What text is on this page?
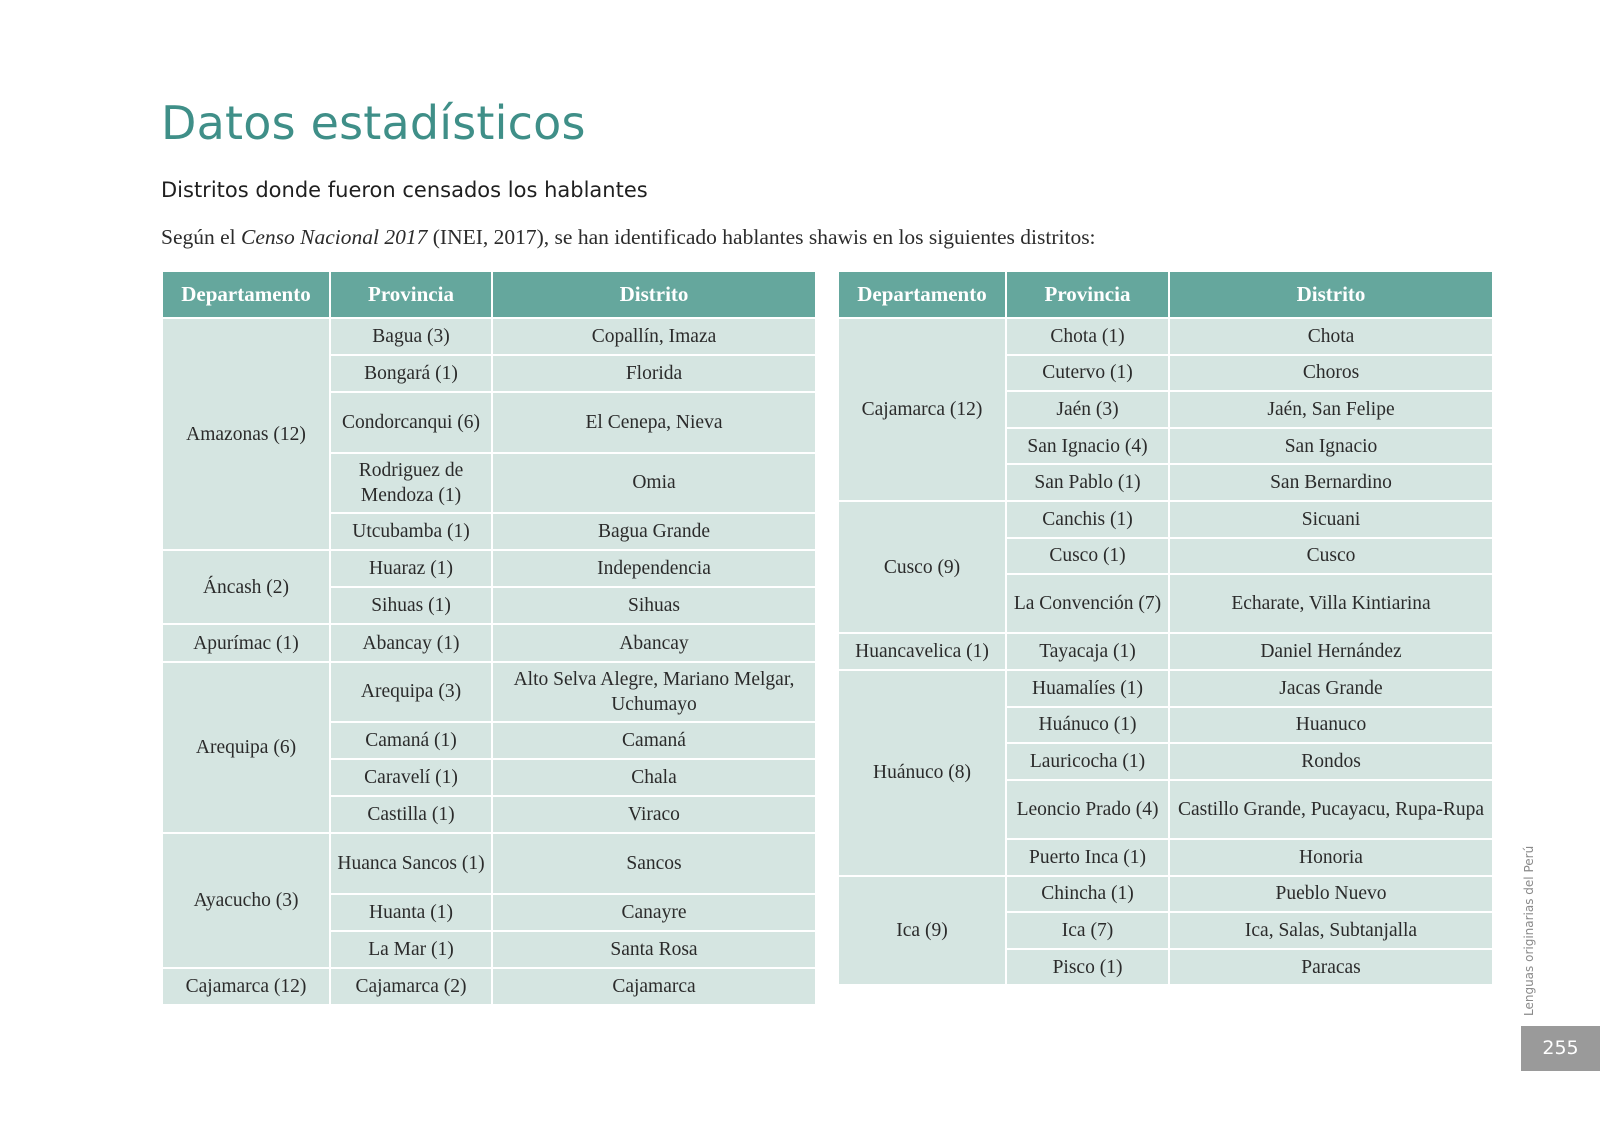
Datos estadísticos
Distritos donde fueron censados los hablantes

Según el Censo Nacional 2017 (INEI, 2017), se han identificado hablantes shawis en los siguientes distritos:

Departamento	Provincia	Distrito
Amazonas (12)	Bagua (3)	Copallín, Imaza
	Bongará (1)	Florida
	Condorcanqui (6)	El Cenepa, Nieva
	Rodriguez de Mendoza (1)	Omia
	Utcubamba (1)	Bagua Grande
Áncash (2)	Huaraz (1)	Independencia
	Sihuas (1)	Sihuas
Apurímac (1)	Abancay (1)	Abancay
Arequipa (6)	Arequipa (3)	Alto Selva Alegre, Mariano Melgar, Uchumayo
	Camaná (1)	Camaná
	Caravelí (1)	Chala
	Castilla (1)	Viraco
Ayacucho (3)	Huanca Sancos (1)	Sancos
	Huanta (1)	Canayre
	La Mar (1)	Santa Rosa
Cajamarca (12)	Cajamarca (2)	Cajamarca
Departamento	Provincia	Distrito
Cajamarca (12)	Chota (1)	Chota
	Cutervo (1)	Choros
	Jaén (3)	Jaén, San Felipe
	San Ignacio (4)	San Ignacio
	San Pablo (1)	San Bernardino
Cusco (9)	Canchis (1)	Sicuani
	Cusco (1)	Cusco
	La Convención (7)	Echarate, Villa Kintiarina
Huancavelica (1)	Tayacaja (1)	Daniel Hernández
Huánuco (8)	Huamalíes (1)	Jacas Grande
	Huánuco (1)	Huanuco
	Lauricocha (1)	Rondos
	Leoncio Prado (4)	Castillo Grande, Pucayacu, Rupa-Rupa
	Puerto Inca (1)	Honoria
Ica (9)	Chincha (1)	Pueblo Nuevo
	Ica (7)	Ica, Salas, Subtanjalla
	Pisco (1)	Paracas	Lenguas originarias del Perú
255
